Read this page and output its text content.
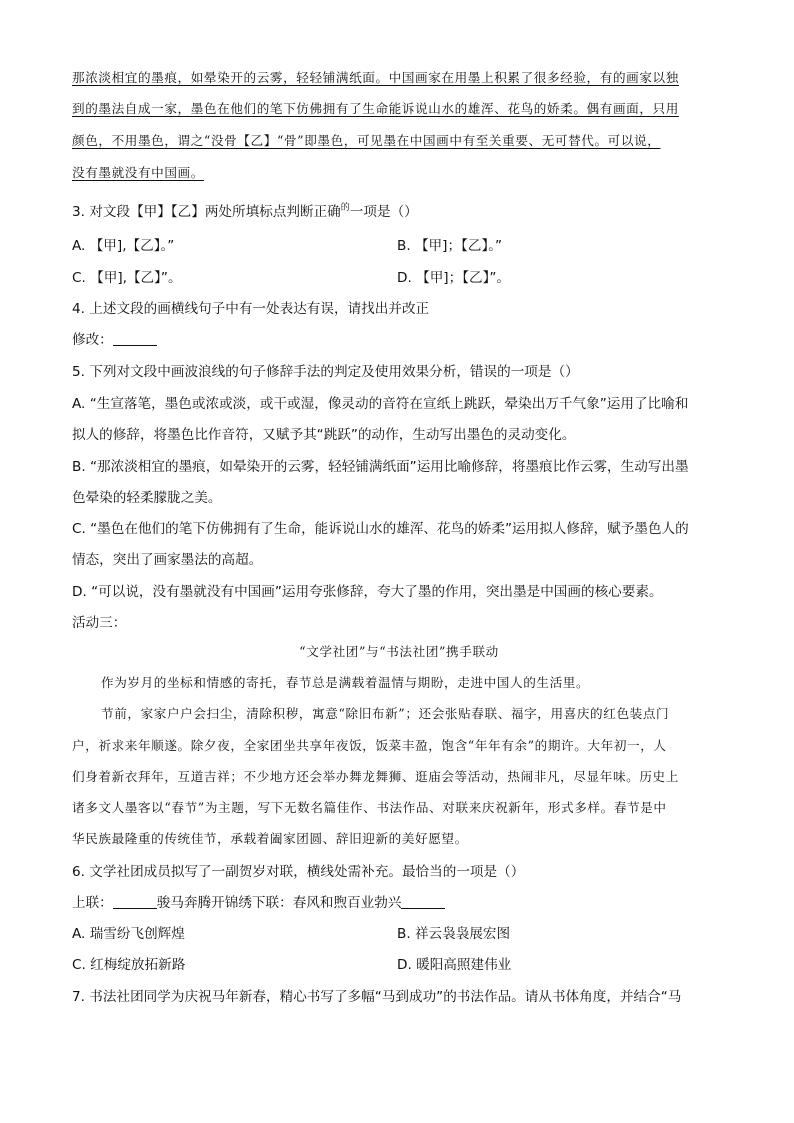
那浓淡相宜的墨痕，如晕染开的云雾，轻轻铺满纸面。中国画家在用墨上积累了很多经验，有的画家以独
到的墨法自成一家，墨色在他们的笔下仿佛拥有了生命能诉说山水的雄浑、花鸟的娇柔。偶有画面，只用
颜色，不用墨色，谓之“没骨【乙】“骨”即墨色，可见墨在中国画中有至关重要、无可替代。可以说，
没有墨就没有中国画。
3. 对文段【甲】【乙】两处所填标点判断正确$^的$一项是（）
A. 【甲],【乙】。”	B. 【甲]；【乙】。”
C. 【甲],【乙】”。	D. 【甲]；【乙】”。
4. 上述文段的画横线句子中有一处表达有误，请找出并改正
修改：
5. 下列对文段中画波浪线的句子修辞手法的判定及使用效果分析，错误的一项是（）
A. “生宣落笔，墨色或浓或淡，或干或湿，像灵动的音符在宣纸上跳跃，晕染出万千气象”运用了比喻和
拟人的修辞，将墨色比作音符，又赋予其“跳跃”的动作，生动写出墨色的灵动变化。
B. “那浓淡相宜的墨痕，如晕染开的云雾，轻轻铺满纸面”运用比喻修辞，将墨痕比作云雾，生动写出墨
色晕染的轻柔朦胧之美。
C. “墨色在他们的笔下仿佛拥有了生命，能诉说山水的雄浑、花鸟的娇柔”运用拟人修辞，赋予墨色人的
情态，突出了画家墨法的高超。
D. “可以说，没有墨就没有中国画”运用夸张修辞，夸大了墨的作用，突出墨是中国画的核心要素。
活动三：
“文学社团”与“书法社团”携手联动
作为岁月的坐标和情感的寄托，春节总是满载着温情与期盼，走进中国人的生活里。
节前，家家户户会扫尘，清除积秽，寓意“除旧布新”；还会张贴春联、福字，用喜庆的红色装点门
户，祈求来年顺遂。除夕夜，全家团坐共享年夜饭，饭菜丰盈，饱含“年年有余”的期许。大年初一，人
们身着新衣拜年，互道吉祥；不少地方还会举办舞龙舞狮、逛庙会等活动，热闹非凡，尽显年味。历史上
诸多文人墨客以“春节”为主题，写下无数名篇佳作、书法作品、对联来庆祝新年，形式多样。春节是中
华民族最隆重的传统佳节，承载着阖家团圆、辞旧迎新的美好愿望。
6. 文学社团成员拟写了一副贺岁对联，横线处需补充。最恰当的一项是（）
上联：	骏马奔腾开锦绣下联：春风和煦百业勃兴
A. 瑞雪纷飞创辉煌	B. 祥云袅袅展宏图
C. 红梅绽放拓新路	D. 暖阳高照建伟业
7. 书法社团同学为庆祝马年新春，精心书写了多幅“马到成功”的书法作品。请从书体角度，并结合“马
